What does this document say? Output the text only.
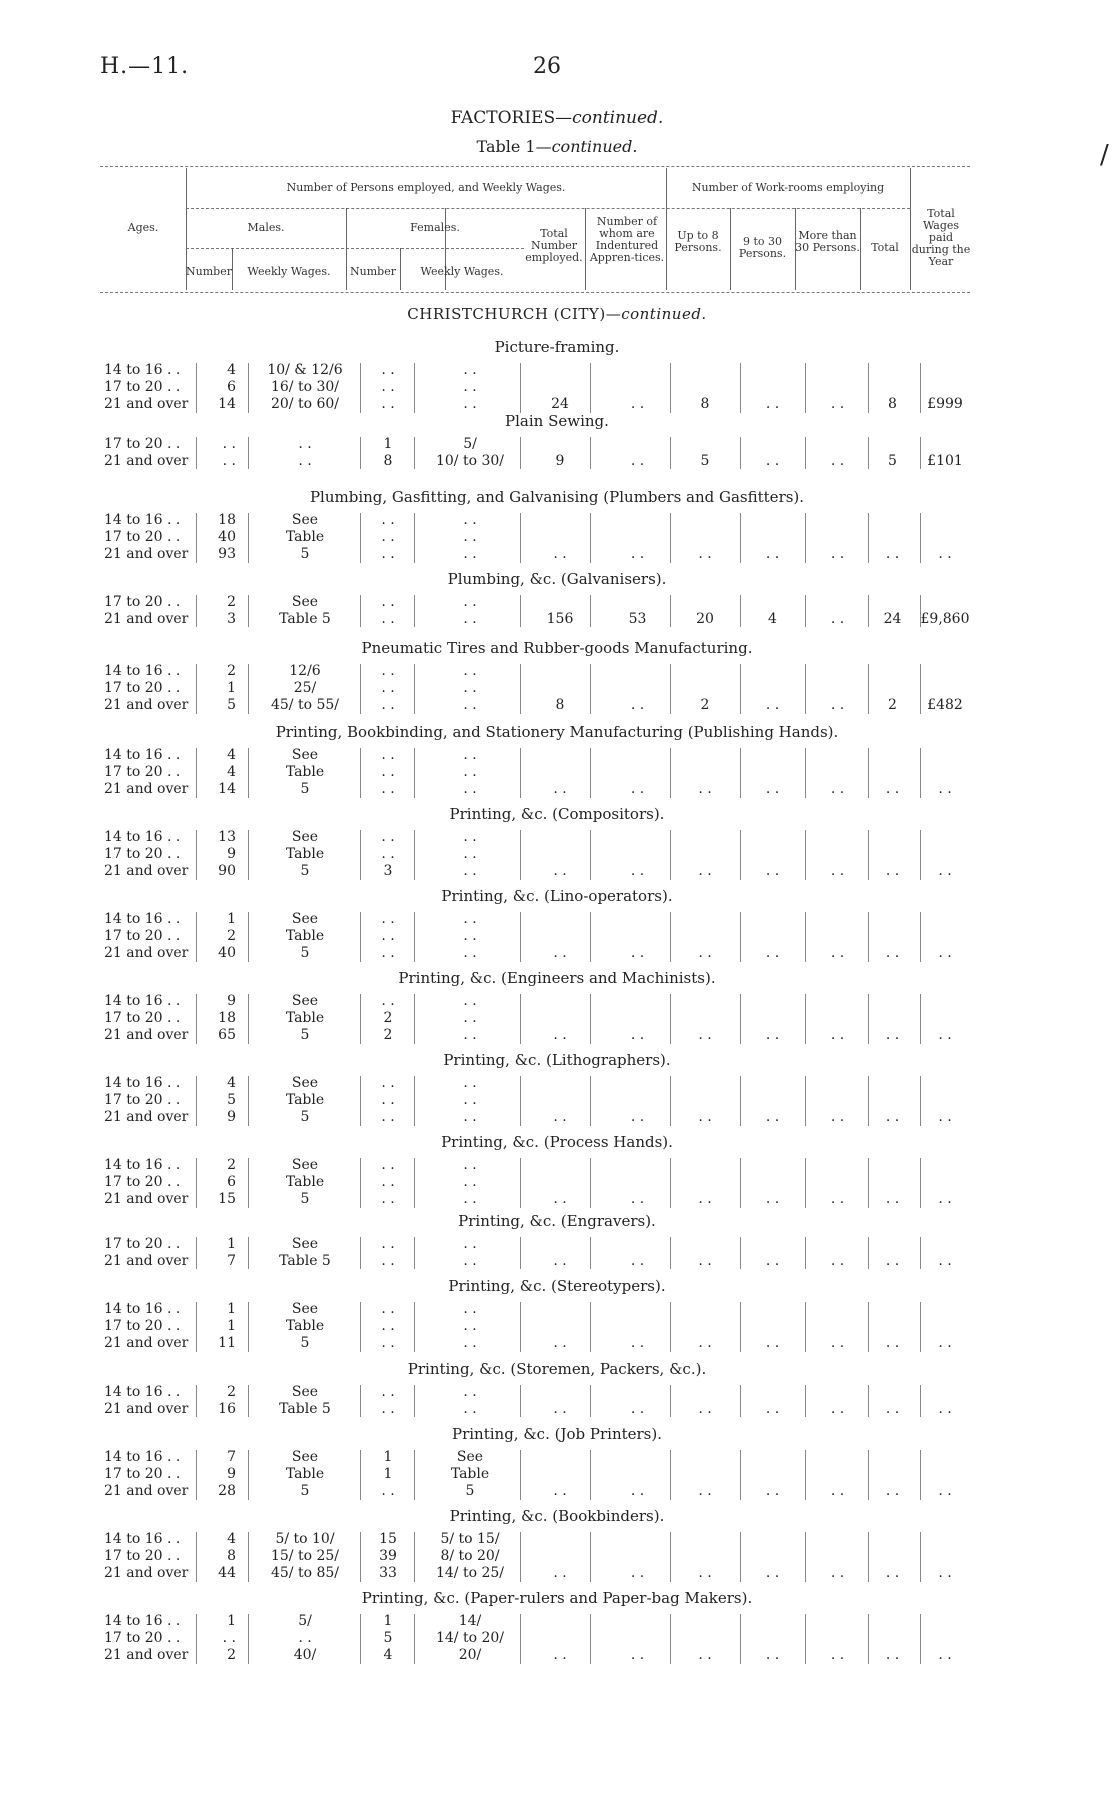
H.—11.	26
FACTORIES—continued.
Table 1—continued.
Ages.
Number of Persons employed, and Weekly Wages.
Males.	Females.
Number	Weekly Wages.	Number	Weekly Wages.
Total Number employed.
Number of whom are Indentured Appren-tices.
Number of Work-rooms employing
Up to 8 Persons.	9 to 30 Persons.
More than 30 Persons.	Total
Total Wages paid during the Year
CHRISTCHURCH (CITY)—continued.
Picture-framing.
14 to 16 . .	4	10/ & 12/6	. .	. .
17 to 20 . .	6	16/ to 30/	. .	. .
21 and over	14	20/ to 60/	. .	. .	24	. .	8	. .	. .	8	£999
Plain Sewing.
17 to 20 . .	. .	. .	1	5/
21 and over	. .	. .	8	10/ to 30/	9	. .	5	. .	. .	5	£101
Plumbing, Gasfitting, and Galvanising (Plumbers and Gasfitters).
14 to 16 . .	18	See	. .	. .
17 to 20 . .	40	Table	. .	. .
21 and over	93	5	. .	. .	. .	. .	. .	. .	. .	. .	. .
Plumbing, &c. (Galvanisers).
17 to 20 . .	2	See	. .	. .
21 and over	3	Table 5	. .	. .	156	53	20	4	. .	24	£9,860
Pneumatic Tires and Rubber-goods Manufacturing.
14 to 16 . .	2	12/6	. .	. .
17 to 20 . .	1	25/	. .	. .
21 and over	5	45/ to 55/	. .	. .	8	. .	2	. .	. .	2	£482
Printing, Bookbinding, and Stationery Manufacturing (Publishing Hands).
14 to 16 . .	4	See	. .	. .
17 to 20 . .	4	Table	. .	. .
21 and over	14	5	. .	. .	. .	. .	. .	. .	. .	. .	. .
Printing, &c. (Compositors).
14 to 16 . .	13	See	. .	. .
17 to 20 . .	9	Table	. .	. .
21 and over	90	5	3	. .	. .	. .	. .	. .	. .	. .	. .
Printing, &c. (Lino-operators).
14 to 16 . .	1	See	. .	. .
17 to 20 . .	2	Table	. .	. .
21 and over	40	5	. .	. .	. .	. .	. .	. .	. .	. .	. .
Printing, &c. (Engineers and Machinists).
14 to 16 . .	9	See	. .	. .
17 to 20 . .	18	Table	2	. .
21 and over	65	5	2	. .	. .	. .	. .	. .	. .	. .	. .
Printing, &c. (Lithographers).
14 to 16 . .	4	See	. .	. .
17 to 20 . .	5	Table	. .	. .
21 and over	9	5	. .	. .	. .	. .	. .	. .	. .	. .	. .
Printing, &c. (Process Hands).
14 to 16 . .	2	See	. .	. .
17 to 20 . .	6	Table	. .	. .
21 and over	15	5	. .	. .	. .	. .	. .	. .	. .	. .	. .
Printing, &c. (Engravers).
17 to 20 . .	1	See	. .	. .
21 and over	7	Table 5	. .	. .	. .	. .	. .	. .	. .	. .	. .
Printing, &c. (Stereotypers).
14 to 16 . .	1	See	. .	. .
17 to 20 . .	1	Table	. .	. .
21 and over	11	5	. .	. .	. .	. .	. .	. .	. .	. .	. .
Printing, &c. (Storemen, Packers, &c.).
14 to 16 . .	2	See	. .	. .
21 and over	16	Table 5	. .	. .	. .	. .	. .	. .	. .	. .	. .
Printing, &c. (Job Printers).
14 to 16 . .	7	See	1	See
17 to 20 . .	9	Table	1	Table
21 and over	28	5	. .	5	. .	. .	. .	. .	. .	. .	. .
Printing, &c. (Bookbinders).
14 to 16 . .	4	5/ to 10/	15	5/ to 15/
17 to 20 . .	8	15/ to 25/	39	8/ to 20/
21 and over	44	45/ to 85/	33	14/ to 25/	. .	. .	. .	. .	. .	. .	. .
Printing, &c. (Paper-rulers and Paper-bag Makers).
14 to 16 . .	1	5/	1	14/
17 to 20 . .	. .	. .	5	14/ to 20/
21 and over	2	40/	4	20/	. .	. .	. .	. .	. .	. .	. .
/
